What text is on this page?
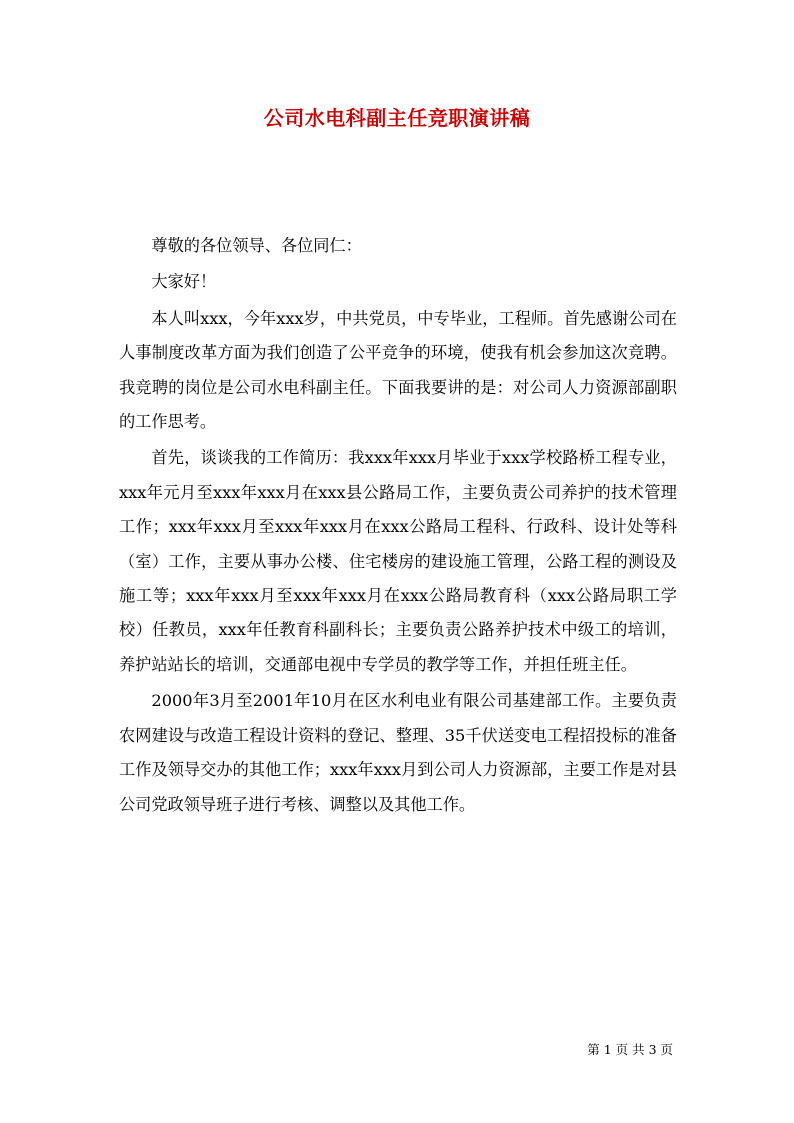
公司水电科副主任竞职演讲稿

尊敬的各位领导、各位同仁：

大家好！

本人叫xxx，今年xxx岁，中共党员，中专毕业，工程师。首先感谢公司在人事制度改革方面为我们创造了公平竞争的环境，使我有机会参加这次竞聘。我竞聘的岗位是公司水电科副主任。下面我要讲的是：对公司人力资源部副职的工作思考。

首先，谈谈我的工作简历：我xxx年xxx月毕业于xxx学校路桥工程专业，xxx年元月至xxx年xxx月在xxx县公路局工作，主要负责公司养护的技术管理工作；xxx年xxx月至xxx年xxx月在xxx公路局工程科、行政科、设计处等科（室）工作，主要从事办公楼、住宅楼房的建设施工管理，公路工程的测设及施工等；xxx年xxx月至xxx年xxx月在xxx公路局教育科（xxx公路局职工学校）任教员，xxx年任教育科副科长；主要负责公路养护技术中级工的培训，养护站站长的培训，交通部电视中专学员的教学等工作，并担任班主任。

2000年3月至2001年10月在区水利电业有限公司基建部工作。主要负责农网建设与改造工程设计资料的登记、整理、35千伏送变电工程招投标的准备工作及领导交办的其他工作；xxx年xxx月到公司人力资源部，主要工作是对县公司党政领导班子进行考核、调整以及其他工作。

第 1 页 共 3 页
